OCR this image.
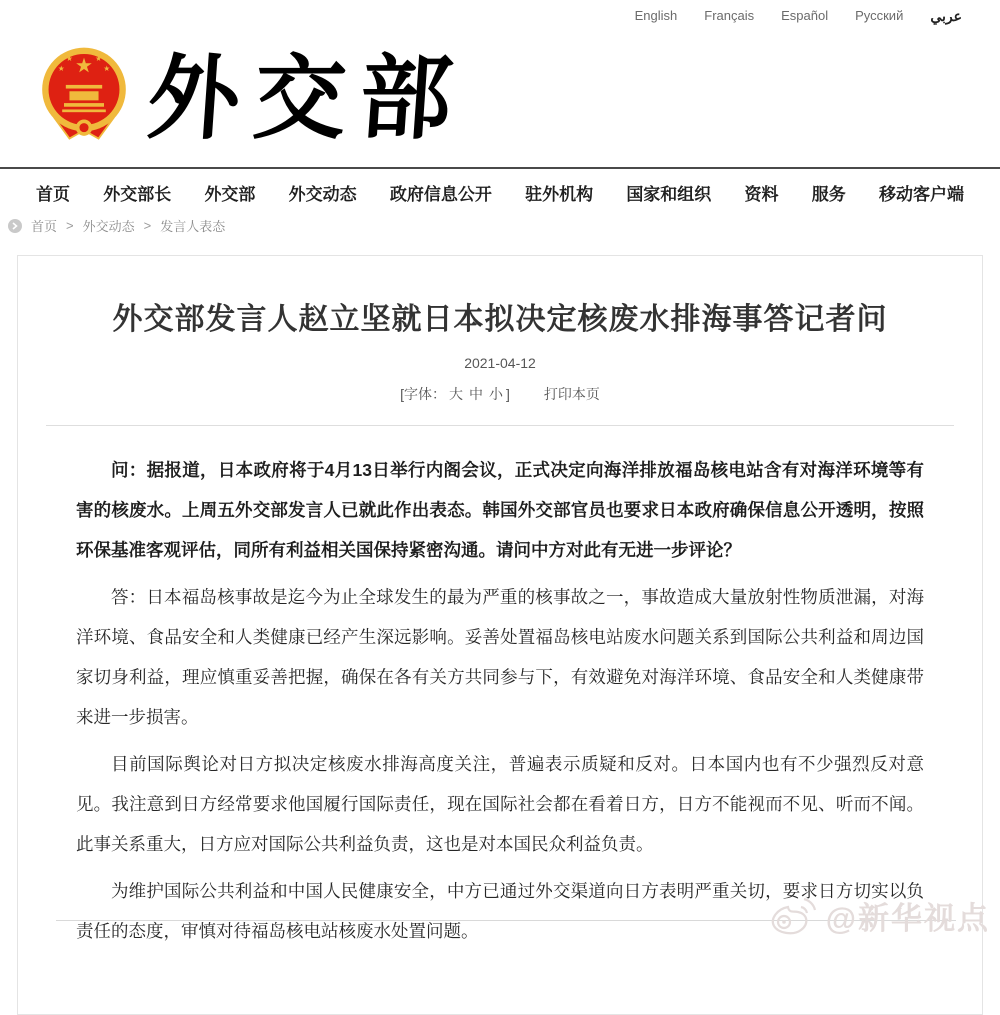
English Français Español Русский عربي
外交部
首页 外交部长 外交部 外交动态 政府信息公开 驻外机构 国家和组织 资料 服务 移动客户端
首页 > 外交动态 > 发言人表态
外交部发言人赵立坚就日本拟决定核废水排海事答记者问
2021-04-12
[字体： 大 中 小 ] 打印本页

问：据报道，日本政府将于4月13日举行内阁会议，正式决定向海洋排放福岛核电站含有对海洋环境等有害的核废水。上周五外交部发言人已就此作出表态。韩国外交部官员也要求日本政府确保信息公开透明，按照环保基准客观评估，同所有利益相关国保持紧密沟通。请问中方对此有无进一步评论？

答：日本福岛核事故是迄今为止全球发生的最为严重的核事故之一，事故造成大量放射性物质泄漏，对海洋环境、食品安全和人类健康已经产生深远影响。妥善处置福岛核电站废水问题关系到国际公共利益和周边国家切身利益，理应慎重妥善把握，确保在各有关方共同参与下，有效避免对海洋环境、食品安全和人类健康带来进一步损害。

目前国际舆论对日方拟决定核废水排海高度关注，普遍表示质疑和反对。日本国内也有不少强烈反对意见。我注意到日方经常要求他国履行国际责任，现在国际社会都在看着日方，日方不能视而不见、听而不闻。此事关系重大，日方应对国际公共利益负责，这也是对本国民众利益负责。

为维护国际公共利益和中国人民健康安全，中方已通过外交渠道向日方表明严重关切，要求日方切实以负责任的态度，审慎对待福岛核电站核废水处置问题。	@新华视点
